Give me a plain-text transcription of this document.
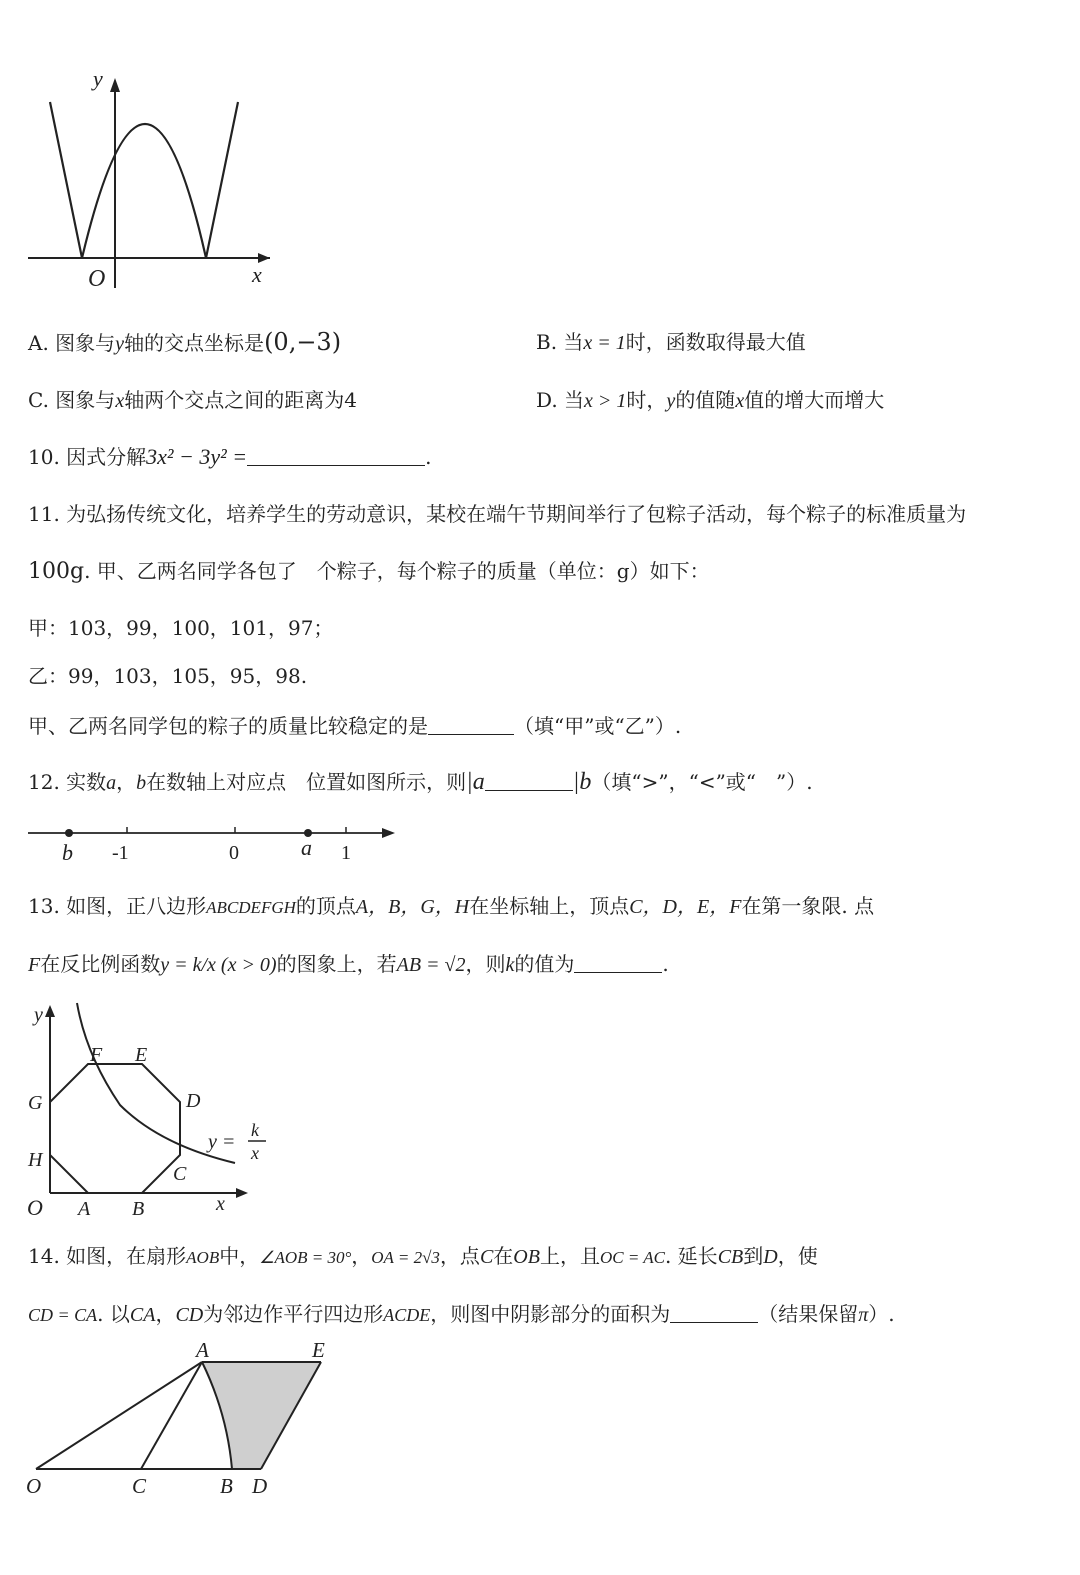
y
x
O
A. 图象与y轴的交点坐标是(0,−3)	B. 当x = 1时，函数取得最大值
C. 图象与x轴两个交点之间的距离为4	D. 当x > 1时，y的值随x值的增大而增大
10. 因式分解3x² − 3y² =	.
11. 为弘扬传统文化，培养学生的劳动意识，某校在端午节期间举行了包粽子活动，每个粽子的标准质量为
100g. 甲、乙两名同学各包了　个粽子，每个粽子的质量（单位：g）如下：
甲：103，99，100，101，97；
乙：99，103，105，95，98.
甲、乙两名同学包的粽子的质量比较稳定的是	（填“甲”或“乙”）.
12. 实数a，b在数轴上对应点　位置如图所示，则|a	|b（填“>”，“<”或“　”）.
b -1	0	a 1
13. 如图，正八边形ABCDEFGH的顶点A，B，G，H在坐标轴上，顶点C，D，E，F在第一象限. 点
F在反比例函数y = k/x (x > 0)的图象上，若AB = √2，则k的值为	.
y
x
O A B
C
D
E
F
G
H
y =
k
x
14. 如图，在扇形AOB中，∠AOB = 30°，OA = 2√3，点C在OB上，且OC = AC. 延长CB到D，使
CD = CA. 以CA，CD为邻边作平行四边形ACDE，则图中阴影部分的面积为	（结果保留π）.
A	E
O	C	B D
